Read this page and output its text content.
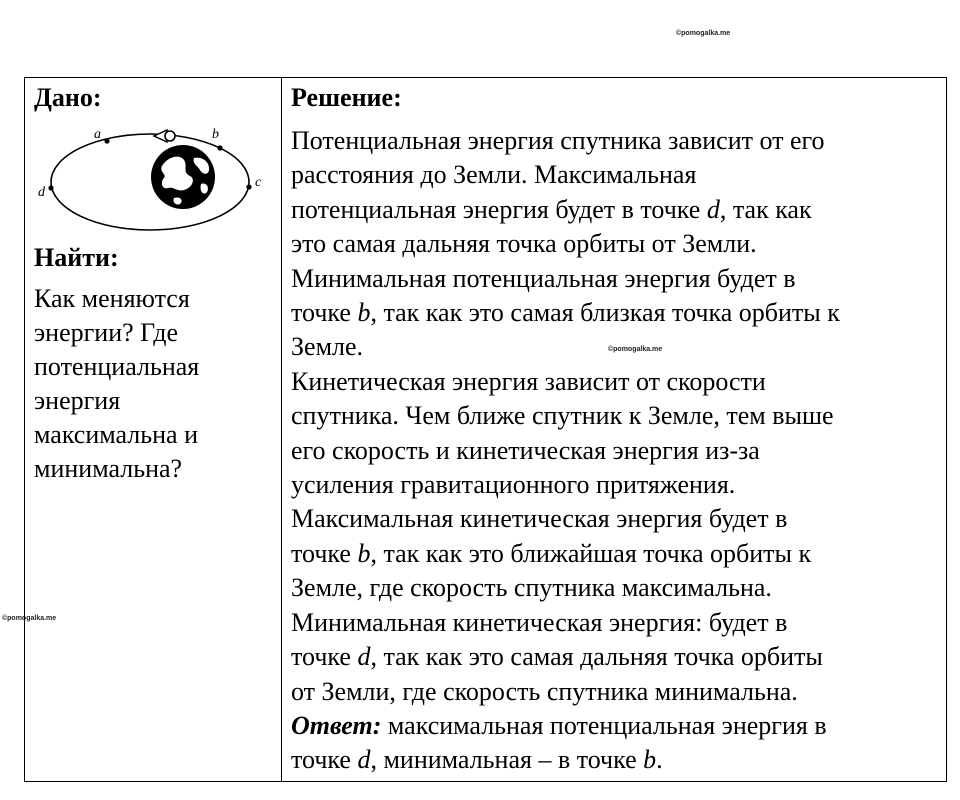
©pomogalka.me
©pomogalka.me
©pomogalka.me
Дано:
a	b
c
d
Найти:
Как меняются
энергии? Где
потенциальная
энергия
максимальна и
минимальна?
Решение:
Потенциальная энергия спутника зависит от его
расстояния до Земли. Максимальная
потенциальная энергия будет в точке d, так как
это самая дальняя точка орбиты от Земли.
Минимальная потенциальная энергия будет в
точке b, так как это самая близкая точка орбиты к
Земле.
Кинетическая энергия зависит от скорости
спутника. Чем ближе спутник к Земле, тем выше
его скорость и кинетическая энергия из-за
усиления гравитационного притяжения.
Максимальная кинетическая энергия будет в
точке b, так как это ближайшая точка орбиты к
Земле, где скорость спутника максимальна.
Минимальная кинетическая энергия: будет в
точке d, так как это самая дальняя точка орбиты
от Земли, где скорость спутника минимальна.
Ответ: максимальная потенциальная энергия в
точке d, минимальная – в точке b.
